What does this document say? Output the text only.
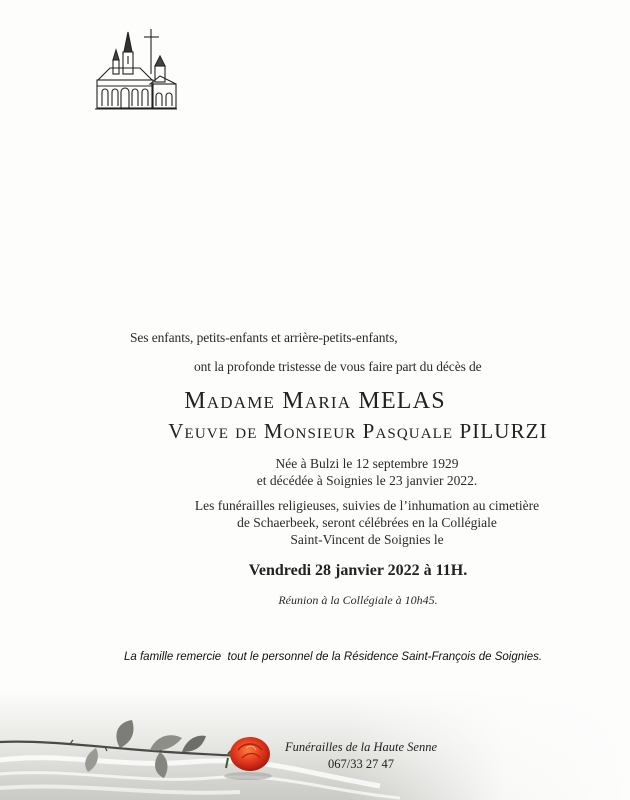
Ses enfants, petits-enfants et arrière-petits-enfants,
ont la profonde tristesse de vous faire part du décès de
Madame Maria MELAS
Veuve de Monsieur Pasquale PILURZI
Née à Bulzi le 12 septembre 1929
et décédée à Soignies le 23 janvier 2022.
Les funérailles religieuses, suivies de l’inhumation au cimetière
de Schaerbeek, seront célébrées en la Collégiale
Saint-Vincent de Soignies le
Vendredi 28 janvier 2022 à 11H.
Réunion à la Collégiale à 10h45.
La famille remercie  tout le personnel de la Résidence Saint-François de Soignies.
Funérailles de la Haute Senne
067/33 27 47
